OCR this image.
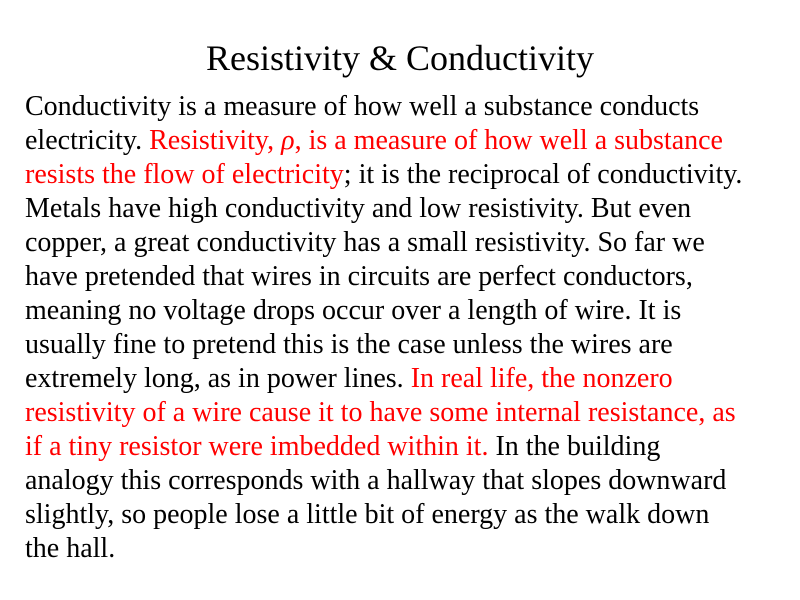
Resistivity & Conductivity
Conductivity is a measure of how well a substance conducts
electricity. Resistivity, ρ, is a measure of how well a substance
resists the flow of electricity; it is the reciprocal of conductivity.
Metals have high conductivity and low resistivity. But even
copper, a great conductivity has a small resistivity. So far we
have pretended that wires in circuits are perfect conductors,
meaning no voltage drops occur over a length of wire. It is
usually fine to pretend this is the case unless the wires are
extremely long, as in power lines. In real life, the nonzero
resistivity of a wire cause it to have some internal resistance, as
if a tiny resistor were imbedded within it. In the building
analogy this corresponds with a hallway that slopes downward
slightly, so people lose a little bit of energy as the walk down
the hall.
